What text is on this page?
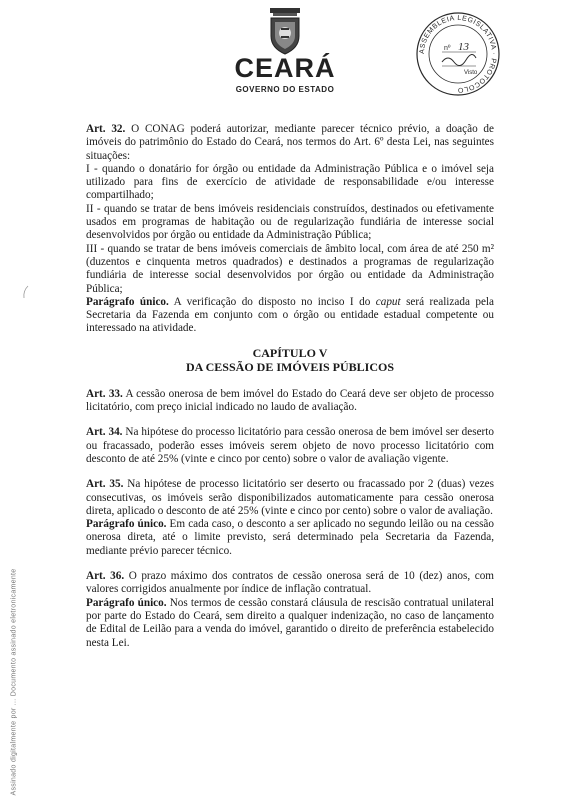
CEARÁ
GOVERNO DO ESTADO
ASSEMBLEIA LEGISLATIVA · PROTOCOLO
nº 13
Visto
Assinado digitalmente por ... Documento assinado eletronicamente

Art. 32. O CONAG poderá autorizar, mediante parecer técnico prévio, a doação de imóveis do patrimônio do Estado do Ceará, nos termos do Art. 6º desta Lei, nas seguintes situações:

I - quando o donatário for órgão ou entidade da Administração Pública e o imóvel seja utilizado para fins de exercício de atividade de responsabilidade e/ou interesse compartilhado;

II - quando se tratar de bens imóveis residenciais construídos, destinados ou efetivamente usados em programas de habitação ou de regularização fundiária de interesse social desenvolvidos por órgão ou entidade da Administração Pública;

III - quando se tratar de bens imóveis comerciais de âmbito local, com área de até 250 m² (duzentos e cinquenta metros quadrados) e destinados a programas de regularização fundiária de interesse social desenvolvidos por órgão ou entidade da Administração Pública;

Parágrafo único. A verificação do disposto no inciso I do caput será realizada pela Secretaria da Fazenda em conjunto com o órgão ou entidade estadual competente ou interessado na atividade.

CAPÍTULO V
DA CESSÃO DE IMÓVEIS PÚBLICOS

Art. 33. A cessão onerosa de bem imóvel do Estado do Ceará deve ser objeto de processo licitatório, com preço inicial indicado no laudo de avaliação.

Art. 34. Na hipótese do processo licitatório para cessão onerosa de bem imóvel ser deserto ou fracassado, poderão esses imóveis serem objeto de novo processo licitatório com desconto de até 25% (vinte e cinco por cento) sobre o valor de avaliação vigente.

Art. 35. Na hipótese de processo licitatório ser deserto ou fracassado por 2 (duas) vezes consecutivas, os imóveis serão disponibilizados automaticamente para cessão onerosa direta, aplicado o desconto de até 25% (vinte e cinco por cento) sobre o valor de avaliação.

Parágrafo único. Em cada caso, o desconto a ser aplicado no segundo leilão ou na cessão onerosa direta, até o limite previsto, será determinado pela Secretaria da Fazenda, mediante prévio parecer técnico.

Art. 36. O prazo máximo dos contratos de cessão onerosa será de 10 (dez) anos, com valores corrigidos anualmente por índice de inflação contratual.

Parágrafo único. Nos termos de cessão constará cláusula de rescisão contratual unilateral por parte do Estado do Ceará, sem direito a qualquer indenização, no caso de lançamento de Edital de Leilão para a venda do imóvel, garantido o direito de preferência estabelecido nesta Lei.
